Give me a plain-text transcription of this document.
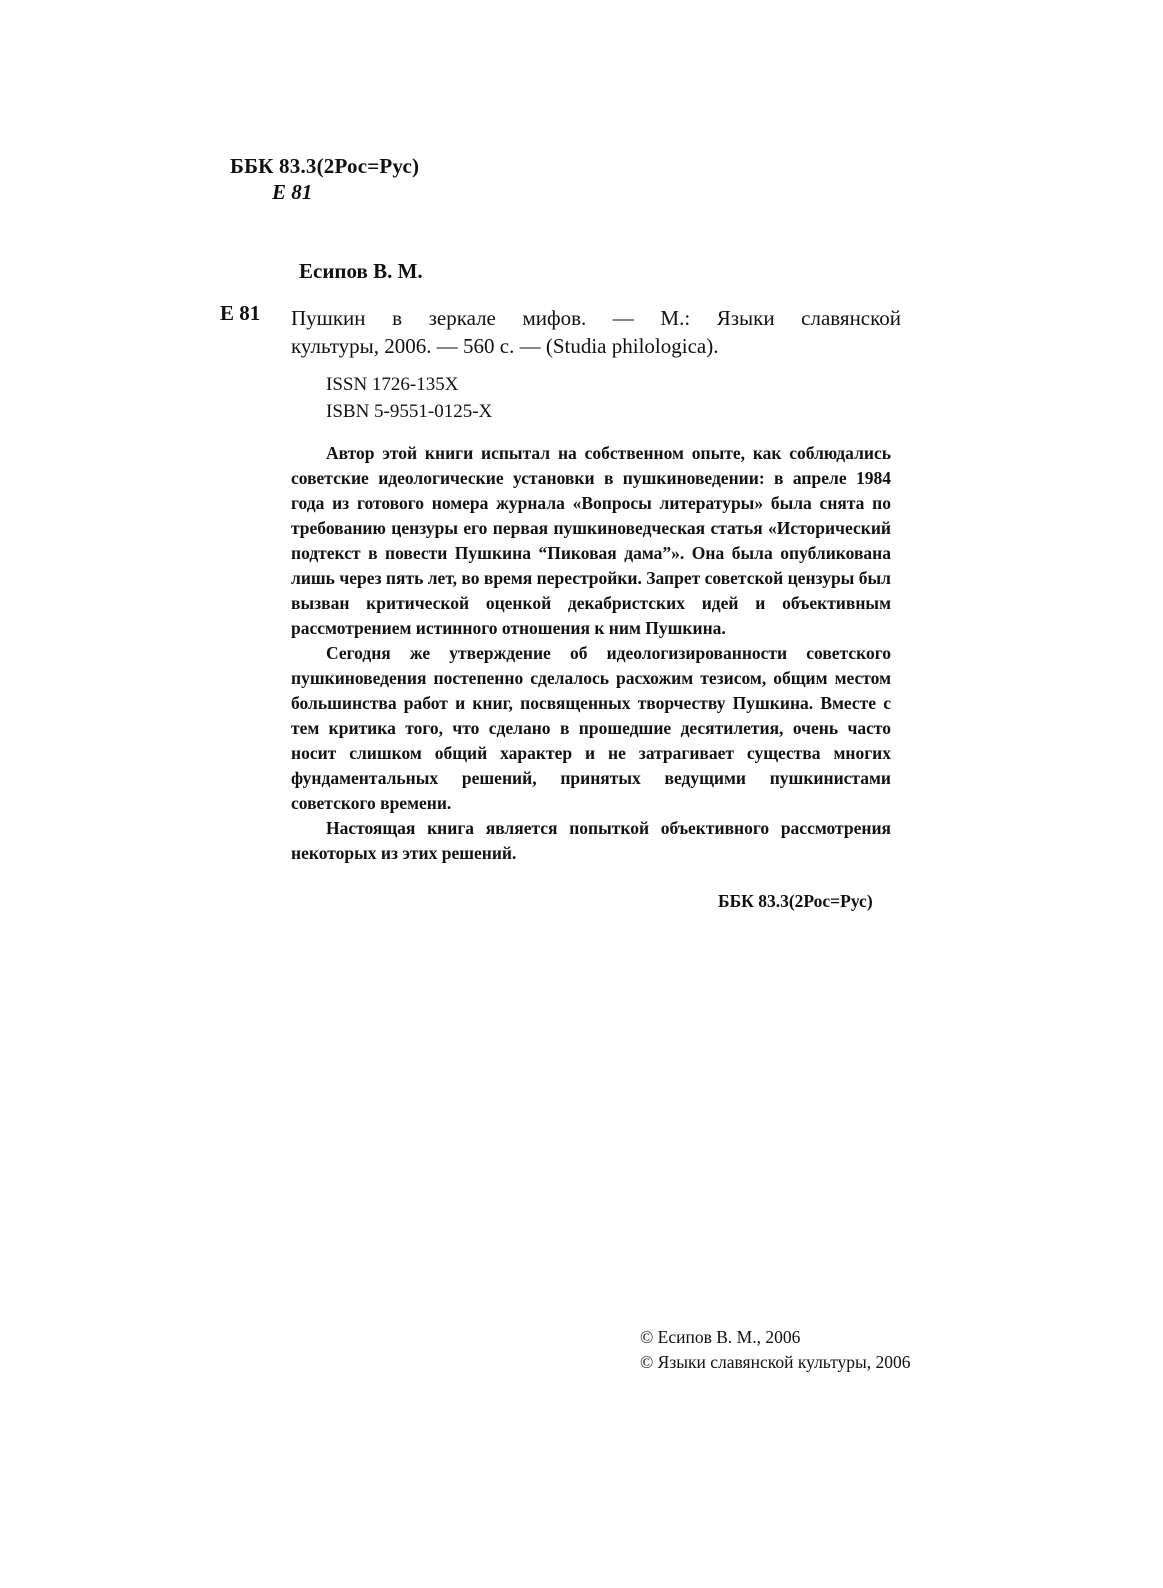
ББК 83.3(2Рос=Рус)
Е 81
Есипов В. М.
Е 81 Пушкин в зеркале мифов. — М.: Языки славянской
культуры, 2006. — 560 с. — (Studia philologica).
ISSN 1726-135X
ISBN 5-9551-0125-X

Автор этой книги испытал на собственном опыте, как соблюдались советские идеологические установки в пушкиноведении: в апреле 1984 года из готового номера журнала «Вопросы литературы» была снята по требованию цензуры его первая пушкиноведческая статья «Исторический подтекст в повести Пушкина “Пиковая дама”». Она была опубликована лишь через пять лет, во время перестройки. Запрет советской цензуры был вызван критической оценкой декабристских идей и объективным рассмотрением истинного отношения к ним Пушкина.

Сегодня же утверждение об идеологизированности советского пушкиноведения постепенно сделалось расхожим тезисом, общим местом большинства работ и книг, посвященных творчеству Пушкина. Вместе с тем критика того, что сделано в прошедшие десятилетия, очень часто носит слишком общий характер и не затрагивает существа многих фундаментальных решений, принятых ведущими пушкинистами советского времени.

Настоящая книга является попыткой объективного рассмотрения некоторых из этих решений.

ББК 83.3(2Рос=Рус)
© Есипов В. М., 2006
© Языки славянской культуры, 2006
